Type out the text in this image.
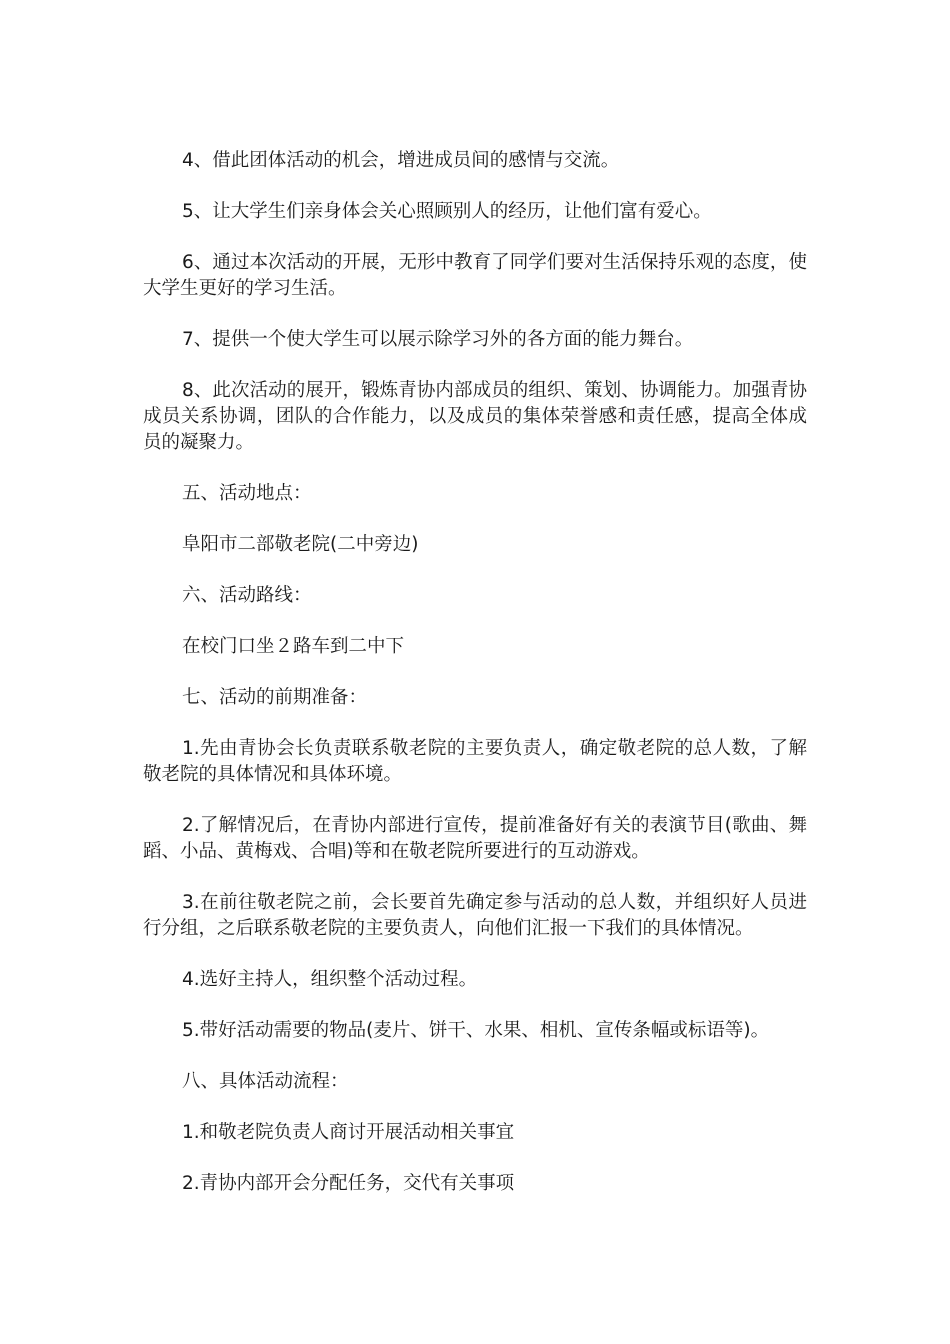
4、借此团体活动的机会，增进成员间的感情与交流。

5、让大学生们亲身体会关心照顾别人的经历，让他们富有爱心。

6、通过本次活动的开展，无形中教育了同学们要对生活保持乐观的态度，使大学生更好的学习生活。

7、提供一个使大学生可以展示除学习外的各方面的能力舞台。

8、此次活动的展开，锻炼青协内部成员的组织、策划、协调能力。加强青协成员关系协调，团队的合作能力，以及成员的集体荣誉感和责任感，提高全体成员的凝聚力。

五、活动地点：

阜阳市二部敬老院(二中旁边)

六、活动路线：

在校门口坐２路车到二中下

七、活动的前期准备：

1.先由青协会长负责联系敬老院的主要负责人，确定敬老院的总人数，了解敬老院的具体情况和具体环境。

2.了解情况后，在青协内部进行宣传，提前准备好有关的表演节目(歌曲、舞蹈、小品、黄梅戏、合唱)等和在敬老院所要进行的互动游戏。

3.在前往敬老院之前，会长要首先确定参与活动的总人数，并组织好人员进行分组，之后联系敬老院的主要负责人，向他们汇报一下我们的具体情况。

4.选好主持人，组织整个活动过程。

5.带好活动需要的物品(麦片、饼干、水果、相机、宣传条幅或标语等)。

八、具体活动流程：

1.和敬老院负责人商讨开展活动相关事宜

2.青协内部开会分配任务，交代有关事项
